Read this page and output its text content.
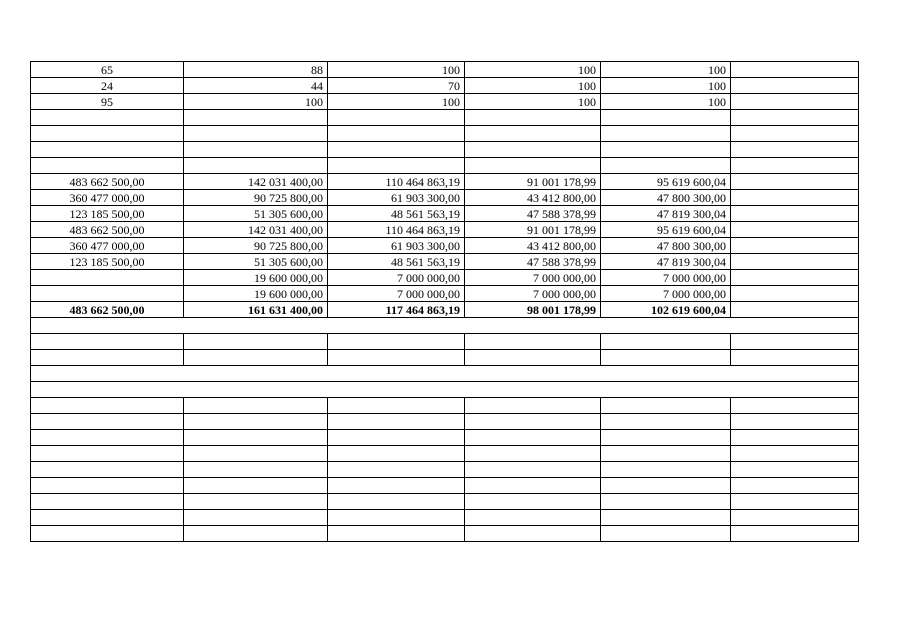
65	88	100	100	100	
24	44	70	100	100	
95	100	100	100	100	

483 662 500,00	142 031 400,00	110 464 863,19	91 001 178,99	95 619 600,04	
360 477 000,00	90 725 800,00	61 903 300,00	43 412 800,00	47 800 300,00	
123 185 500,00	51 305 600,00	48 561 563,19	47 588 378,99	47 819 300,04	
483 662 500,00	142 031 400,00	110 464 863,19	91 001 178,99	95 619 600,04	
360 477 000,00	90 725 800,00	61 903 300,00	43 412 800,00	47 800 300,00	
123 185 500,00	51 305 600,00	48 561 563,19	47 588 378,99	47 819 300,04	
	19 600 000,00	7 000 000,00	7 000 000,00	7 000 000,00	
	19 600 000,00	7 000 000,00	7 000 000,00	7 000 000,00	
483 662 500,00	161 631 400,00	117 464 863,19	98 001 178,99	102 619 600,04	
